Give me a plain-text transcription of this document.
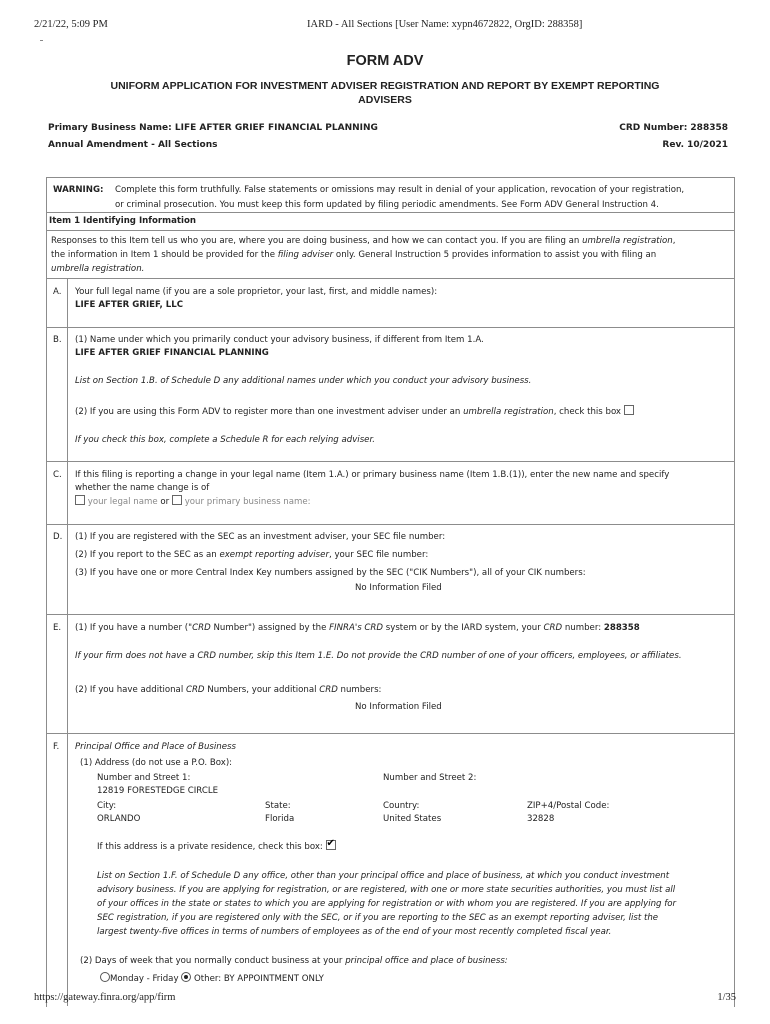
2/21/22, 5:09 PM	IARD - All Sections [User Name: xypn4672822, OrgID: 288358]
FORM ADV
UNIFORM APPLICATION FOR INVESTMENT ADVISER REGISTRATION AND REPORT BY EXEMPT REPORTING
ADVISERS
Primary Business Name: LIFE AFTER GRIEF FINANCIAL PLANNING	CRD Number: 288358
Annual Amendment - All Sections	Rev. 10/2021
WARNING: Complete this form truthfully. False statements or omissions may result in denial of your application, revocation of your registration,
or criminal prosecution. You must keep this form updated by filing periodic amendments. See Form ADV General Instruction 4.
Item 1 Identifying Information
Responses to this Item tell us who you are, where you are doing business, and how we can contact you. If you are filing an umbrella registration,
the information in Item 1 should be provided for the filing adviser only. General Instruction 5 provides information to assist you with filing an
umbrella registration.
A. Your full legal name (if you are a sole proprietor, your last, first, and middle names):
LIFE AFTER GRIEF, LLC
B. (1) Name under which you primarily conduct your advisory business, if different from Item 1.A.
LIFE AFTER GRIEF FINANCIAL PLANNING
List on Section 1.B. of Schedule D any additional names under which you conduct your advisory business.
(2) If you are using this Form ADV to register more than one investment adviser under an umbrella registration, check this box
If you check this box, complete a Schedule R for each relying adviser.
C. If this filing is reporting a change in your legal name (Item 1.A.) or primary business name (Item 1.B.(1)), enter the new name and specify
whether the name change is of
your legal name or your primary business name:
D. (1) If you are registered with the SEC as an investment adviser, your SEC file number:
(2) If you report to the SEC as an exempt reporting adviser, your SEC file number:
(3) If you have one or more Central Index Key numbers assigned by the SEC ("CIK Numbers"), all of your CIK numbers:
No Information Filed
E. (1) If you have a number ("CRD Number") assigned by the FINRA's CRD system or by the IARD system, your CRD number: 288358
If your firm does not have a CRD number, skip this Item 1.E. Do not provide the CRD number of one of your officers, employees, or affiliates.
(2) If you have additional CRD Numbers, your additional CRD numbers:
No Information Filed
F. Principal Office and Place of Business
(1) Address (do not use a P.O. Box):
Number and Street 1:	Number and Street 2:
12819 FORESTEDGE CIRCLE
City:	State:	Country:	ZIP+4/Postal Code:
ORLANDO	Florida	United States	32828
If this address is a private residence, check this box: ✔
List on Section 1.F. of Schedule D any office, other than your principal office and place of business, at which you conduct investment
advisory business. If you are applying for registration, or are registered, with one or more state securities authorities, you must list all
of your offices in the state or states to which you are applying for registration or with whom you are registered. If you are applying for
SEC registration, if you are registered only with the SEC, or if you are reporting to the SEC as an exempt reporting adviser, list the
largest twenty-five offices in terms of numbers of employees as of the end of your most recently completed fiscal year.
(2) Days of week that you normally conduct business at your principal office and place of business:
Monday - Friday Other: BY APPOINTMENT ONLY
https://gateway.finra.org/app/firm	1/35
